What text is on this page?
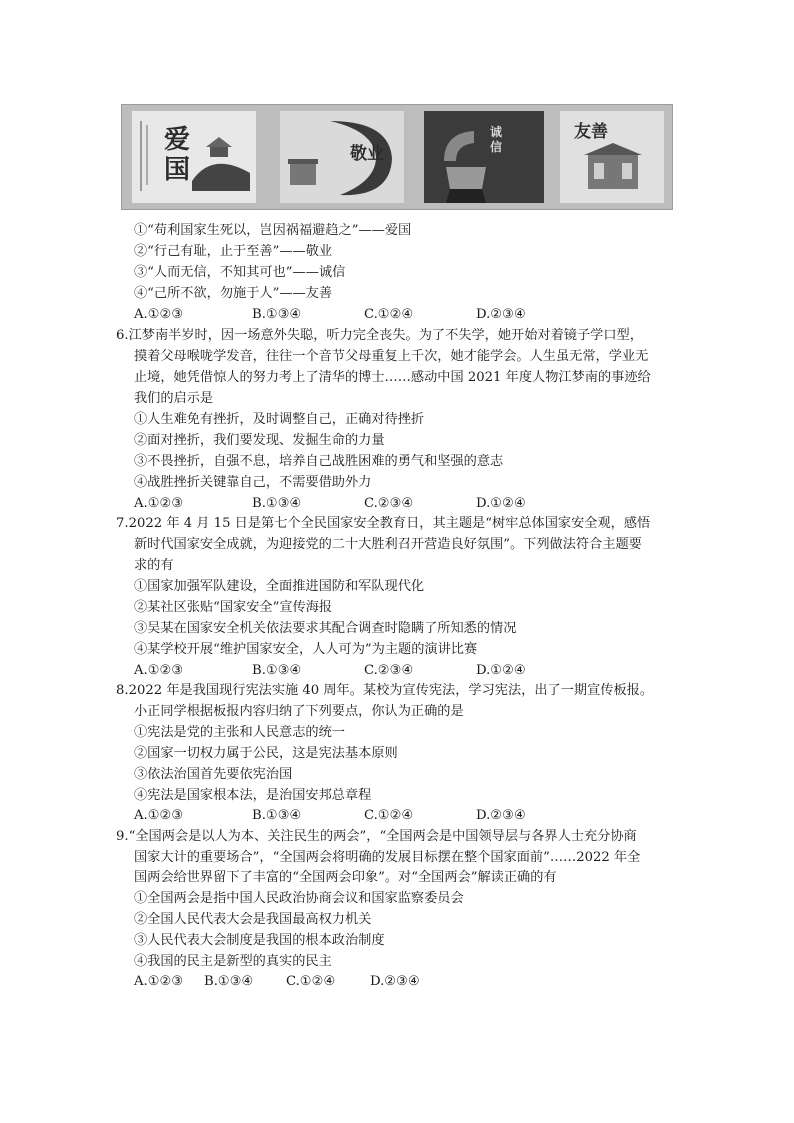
爱国
敬业
诚信
友善
①“苟利国家生死以，岂因祸福避趋之”——爱国
②“行己有耻，止于至善”——敬业
③“人而无信，不知其可也”——诚信
④“己所不欲，勿施于人”——友善
A.①②③	B.①③④	C.①②④	D.②③④
6.江梦南半岁时，因一场意外失聪，听力完全丧失。为了不失学，她开始对着镜子学口型，
摸着父母喉咙学发音，往往一个音节父母重复上千次，她才能学会。人生虽无常，学业无
止境，她凭借惊人的努力考上了清华的博士……感动中国 2021 年度人物江梦南的事迹给
我们的启示是
①人生难免有挫折，及时调整自己，正确对待挫折
②面对挫折，我们要发现、发掘生命的力量
③不畏挫折，自强不息，培养自己战胜困难的勇气和坚强的意志
④战胜挫折关键靠自己，不需要借助外力
A.①②③	B.①③④	C.②③④	D.①②④
7.2022 年 4 月 15 日是第七个全民国家安全教育日，其主题是“树牢总体国家安全观，感悟
新时代国家安全成就，为迎接党的二十大胜利召开营造良好氛围”。下列做法符合主题要
求的有
①国家加强军队建设，全面推进国防和军队现代化
②某社区张贴“国家安全”宣传海报
③吴某在国家安全机关依法要求其配合调查时隐瞒了所知悉的情况
④某学校开展“维护国家安全，人人可为”为主题的演讲比赛
A.①②③	B.①③④	C.②③④	D.①②④
8.2022 年是我国现行宪法实施 40 周年。某校为宣传宪法，学习宪法，出了一期宣传板报。
小正同学根据板报内容归纳了下列要点，你认为正确的是
①宪法是党的主张和人民意志的统一
②国家一切权力属于公民，这是宪法基本原则
③依法治国首先要依宪治国
④宪法是国家根本法，是治国安邦总章程
A.①②③	B.①③④	C.①②④	D.②③④
9.“全国两会是以人为本、关注民生的两会”，“全国两会是中国领导层与各界人士充分协商
国家大计的重要场合”，“全国两会将明确的发展目标摆在整个国家面前”……2022 年全
国两会给世界留下了丰富的“全国两会印象”。对“全国两会”解读正确的有
①全国两会是指中国人民政治协商会议和国家监察委员会
②全国人民代表大会是我国最高权力机关
③人民代表大会制度是我国的根本政治制度
④我国的民主是新型的真实的民主
A.①②③ B.①③④ C.①②④	D.②③④
